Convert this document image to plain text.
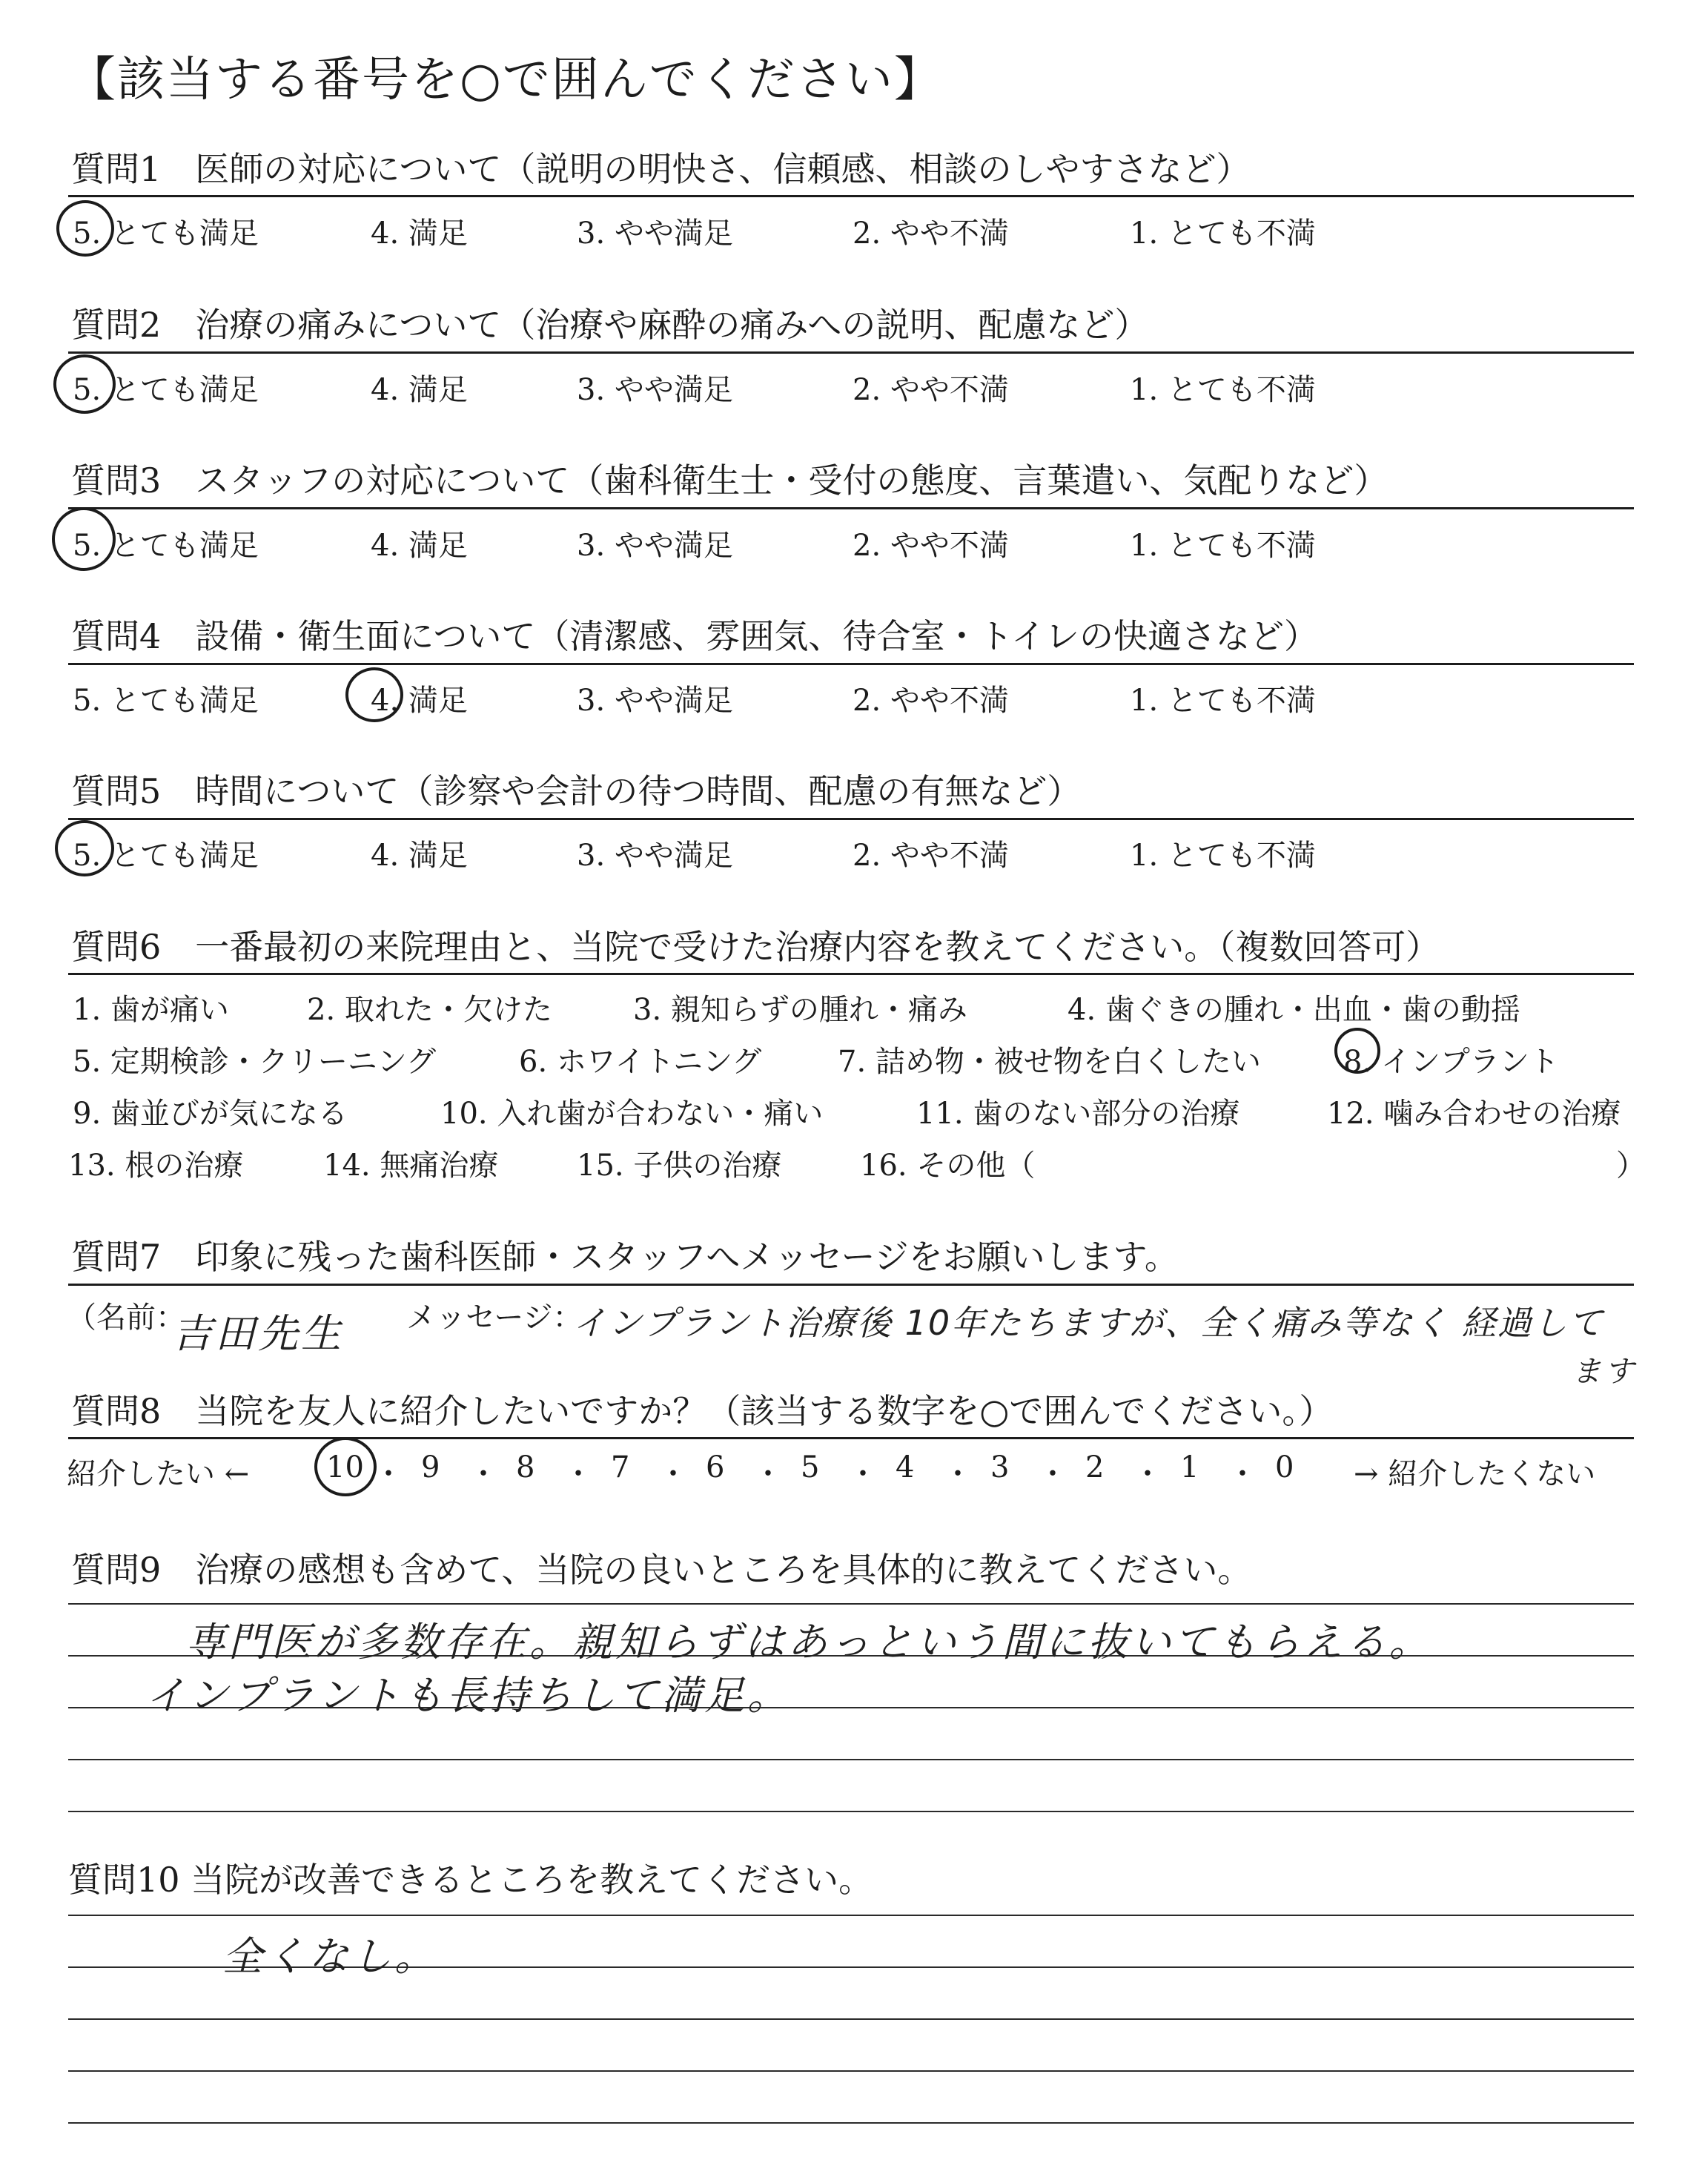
【該当する番号を○で囲んでください】
質問1　医師の対応について（説明の明快さ、信頼感、相談のしやすさなど）
5. とても満足	4. 満足	3. やや満足	2. やや不満	1. とても不満
質問2　治療の痛みについて（治療や麻酔の痛みへの説明、配慮など）
5. とても満足	4. 満足	3. やや満足	2. やや不満	1. とても不満
質問3　スタッフの対応について（歯科衛生士・受付の態度、言葉遣い、気配りなど）
5. とても満足	4. 満足	3. やや満足	2. やや不満	1. とても不満
質問4　設備・衛生面について（清潔感、雰囲気、待合室・トイレの快適さなど）
5. とても満足	4. 満足	3. やや満足	2. やや不満	1. とても不満
質問5　時間について（診察や会計の待つ時間、配慮の有無など）
5. とても満足	4. 満足	3. やや満足	2. やや不満	1. とても不満
質問6　一番最初の来院理由と、当院で受けた治療内容を教えてください。（複数回答可）
1. 歯が痛い	2. 取れた・欠けた	3. 親知らずの腫れ・痛み	4. 歯ぐきの腫れ・出血・歯の動揺
5. 定期検診・クリーニング	6. ホワイトニング	7. 詰め物・被せ物を白くしたい	8. インプラント
9. 歯並びが気になる	10. 入れ歯が合わない・痛い	11. 歯のない部分の治療	12. 噛み合わせの治療
13. 根の治療	14. 無痛治療	15. 子供の治療	16. その他（	）
質問7　印象に残った歯科医師・スタッフへメッセージをお願いします。
（名前：
吉田先生 メッセージ：
インプラント治療後 10年たちますが、全く痛み等なく 経過して
ます
質問8　当院を友人に紹介したいですか？（該当する数字を○で囲んでください。）
紹介したい ←	10 ・ 9 ・ 8 ・ 7 ・ 6 ・ 5 ・ 4 ・ 3 ・ 2 ・ 1 ・ 0 → 紹介したくない
質問9　治療の感想も含めて、当院の良いところを具体的に教えてください。
専門医が多数存在。親知らずはあっという間に抜いてもらえる。
インプラントも長持ちして満足。
質問10 当院が改善できるところを教えてください。
全くなし。
